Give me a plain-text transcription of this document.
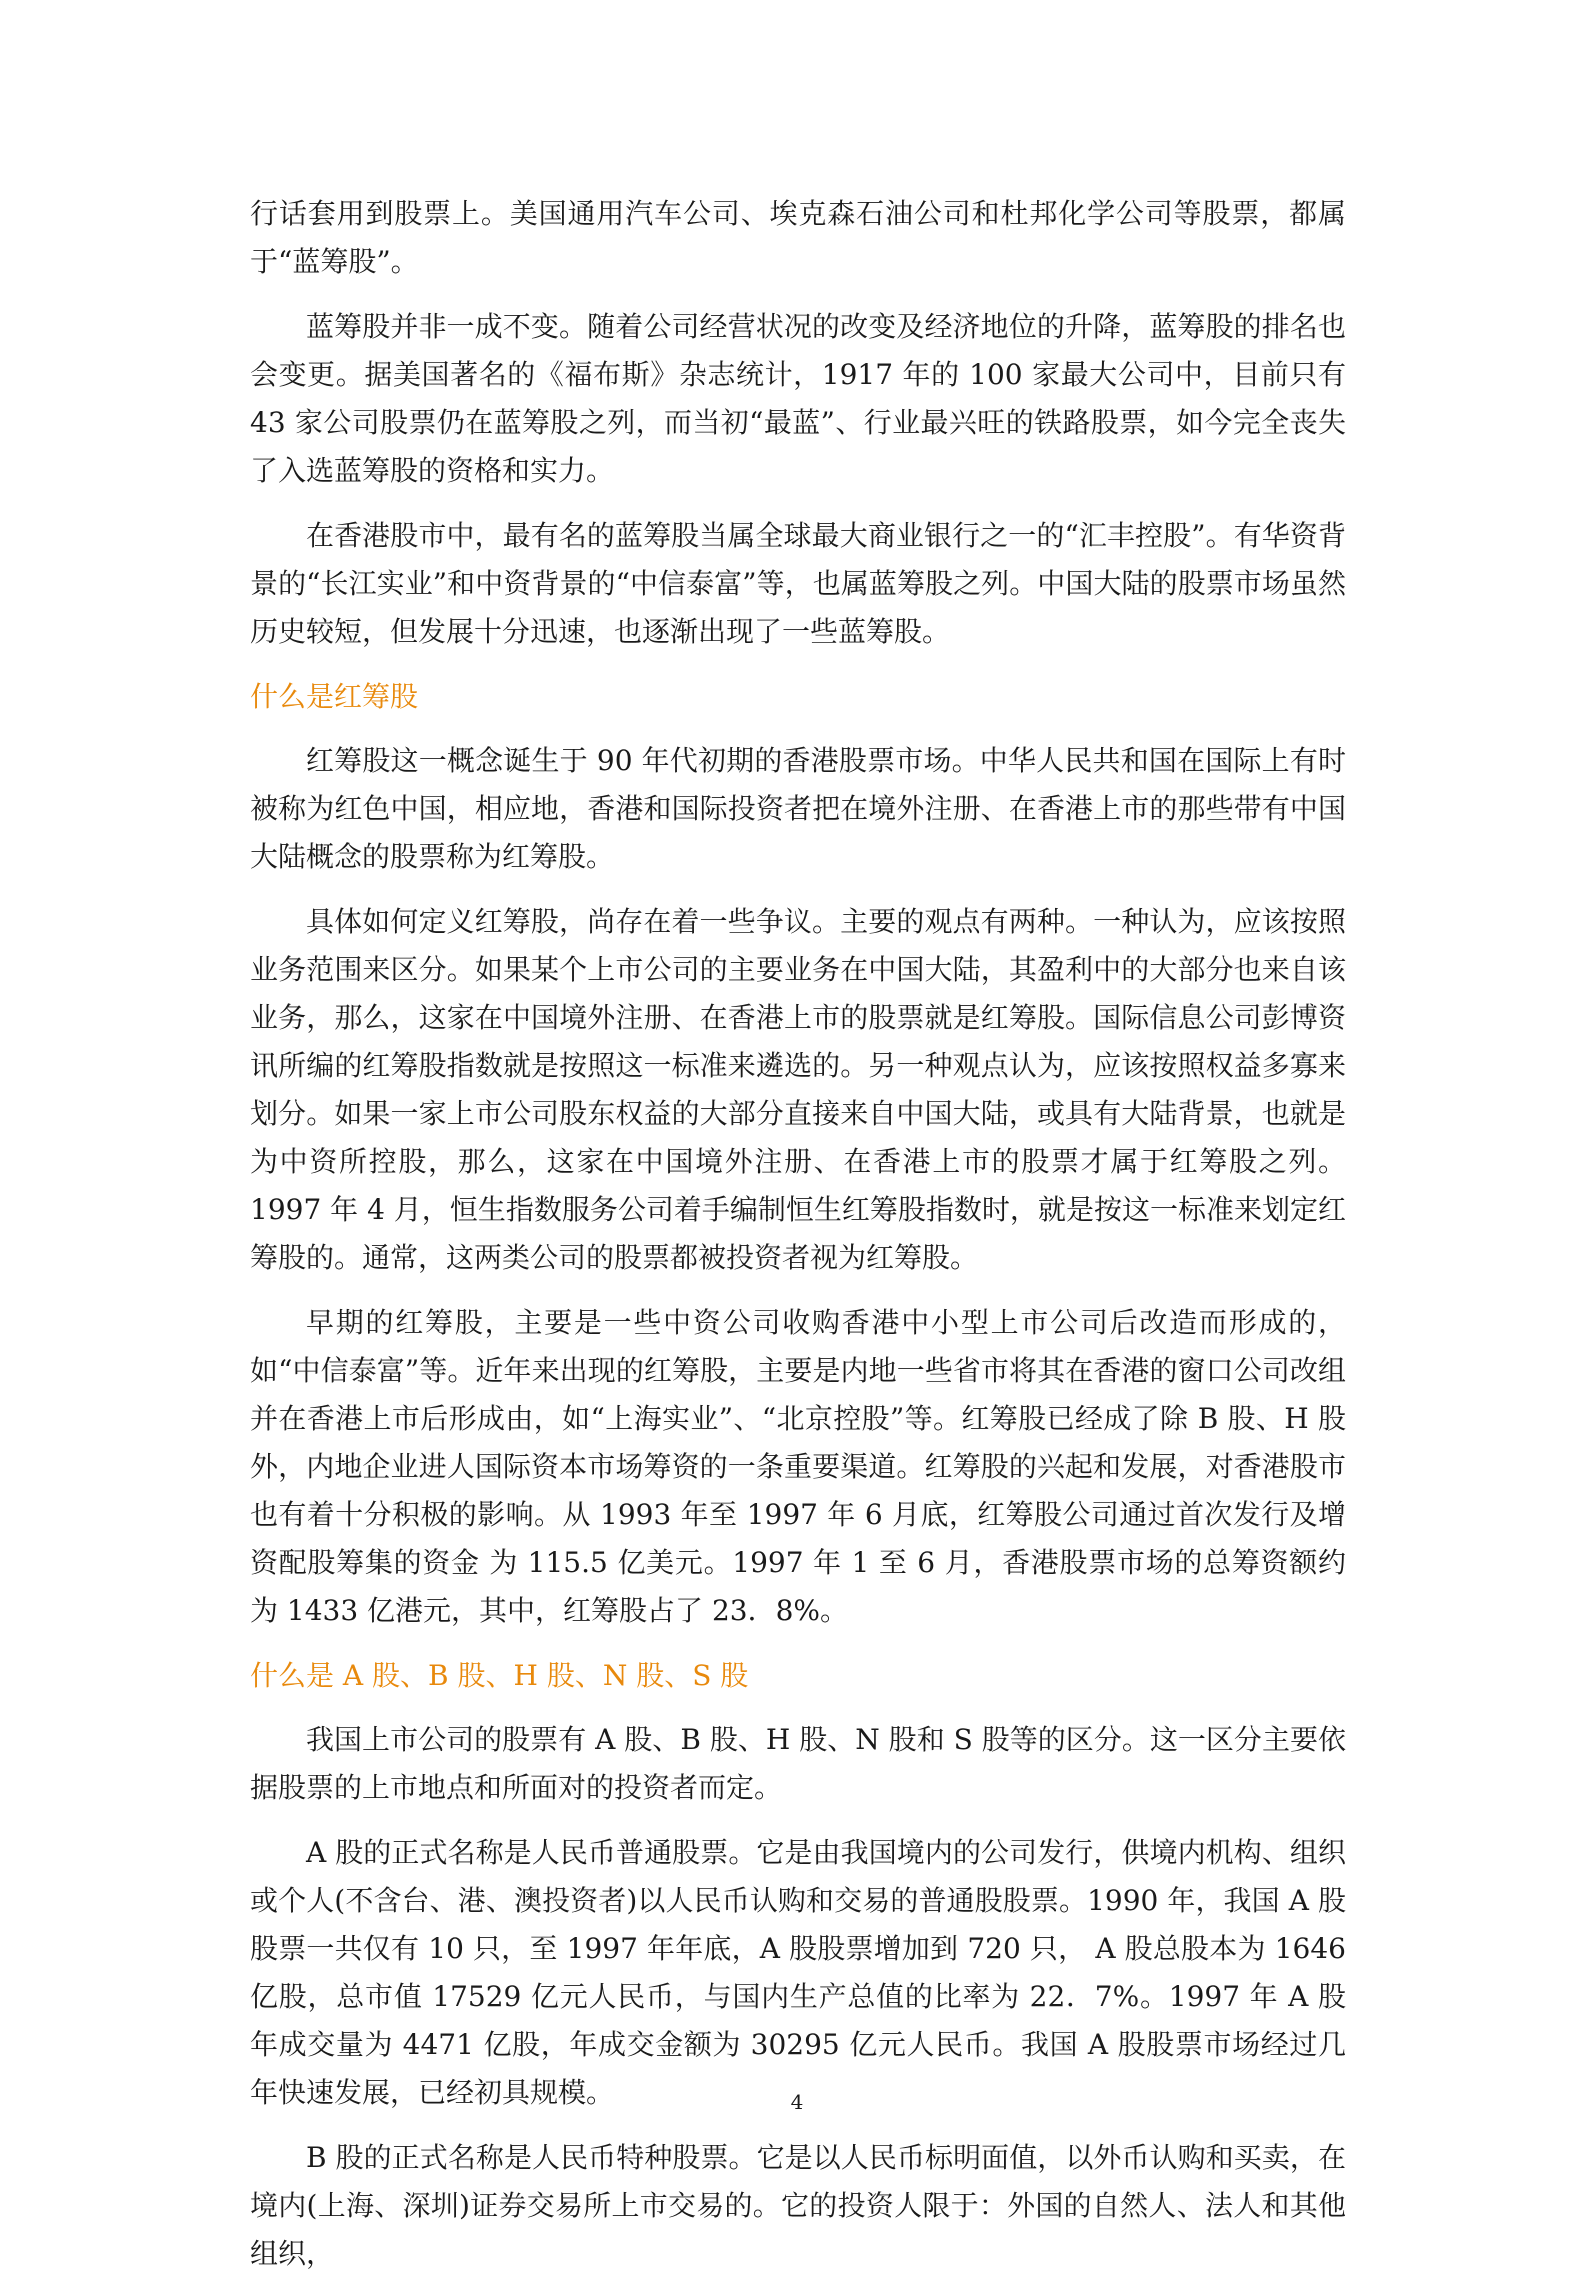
行话套用到股票上。美国通用汽车公司、埃克森石油公司和杜邦化学公司等股票，都属于“蓝筹股”。

蓝筹股并非一成不变。随着公司经营状况的改变及经济地位的升降，蓝筹股的排名也会变更。据美国著名的《福布斯》杂志统计，1917 年的 100 家最大公司中，目前只有 43 家公司股票仍在蓝筹股之列，而当初“最蓝”、行业最兴旺的铁路股票，如今完全丧失了入选蓝筹股的资格和实力。

在香港股市中，最有名的蓝筹股当属全球最大商业银行之一的“汇丰控股”。有华资背景的“长江实业”和中资背景的“中信泰富”等，也属蓝筹股之列。中国大陆的股票市场虽然历史较短，但发展十分迅速，也逐渐出现了一些蓝筹股。

什么是红筹股

红筹股这一概念诞生于 90 年代初期的香港股票市场。中华人民共和国在国际上有时被称为红色中国，相应地，香港和国际投资者把在境外注册、在香港上市的那些带有中国大陆概念的股票称为红筹股。

具体如何定义红筹股，尚存在着一些争议。主要的观点有两种。一种认为，应该按照业务范围来区分。如果某个上市公司的主要业务在中国大陆，其盈利中的大部分也来自该业务，那么，这家在中国境外注册、在香港上市的股票就是红筹股。国际信息公司彭博资讯所编的红筹股指数就是按照这一标准来遴选的。另一种观点认为，应该按照权益多寡来划分。如果一家上市公司股东权益的大部分直接来自中国大陆，或具有大陆背景，也就是为中资所控股，那么，这家在中国境外注册、在香港上市的股票才属于红筹股之列。1997 年 4 月，恒生指数服务公司着手编制恒生红筹股指数时，就是按这一标准来划定红筹股的。通常，这两类公司的股票都被投资者视为红筹股。

早期的红筹股，主要是一些中资公司收购香港中小型上市公司后改造而形成的，如“中信泰富”等。近年来出现的红筹股，主要是内地一些省市将其在香港的窗口公司改组并在香港上市后形成由，如“上海实业”、“北京控股”等。红筹股已经成了除 B 股、H 股外，内地企业进人国际资本市场筹资的一条重要渠道。红筹股的兴起和发展，对香港股市也有着十分积极的影响。从 1993 年至 1997 年 6 月底，红筹股公司通过首次发行及增资配股筹集的资金 为 115.5 亿美元。1997 年 1 至 6 月，香港股票市场的总筹资额约为 1433 亿港元，其中，红筹股占了 23．8%。

什么是 A 股、B 股、H 股、N 股、S 股

我国上市公司的股票有 A 股、B 股、H 股、N 股和 S 股等的区分。这一区分主要依据股票的上市地点和所面对的投资者而定。

A 股的正式名称是人民币普通股票。它是由我国境内的公司发行，供境内机构、组织或个人(不含台、港、澳投资者)以人民币认购和交易的普通股股票。1990 年，我国 A 股股票一共仅有 10 只，至 1997 年年底，A 股股票增加到 720 只， A 股总股本为 1646 亿股，总市值 17529 亿元人民币，与国内生产总值的比率为 22．7%。1997 年 A 股年成交量为 4471 亿股，年成交金额为 30295 亿元人民币。我国 A 股股票市场经过几年快速发展，已经初具规模。

B 股的正式名称是人民币特种股票。它是以人民币标明面值，以外币认购和买卖，在境内(上海、深圳)证券交易所上市交易的。它的投资人限于：外国的自然人、法人和其他组织，

4
